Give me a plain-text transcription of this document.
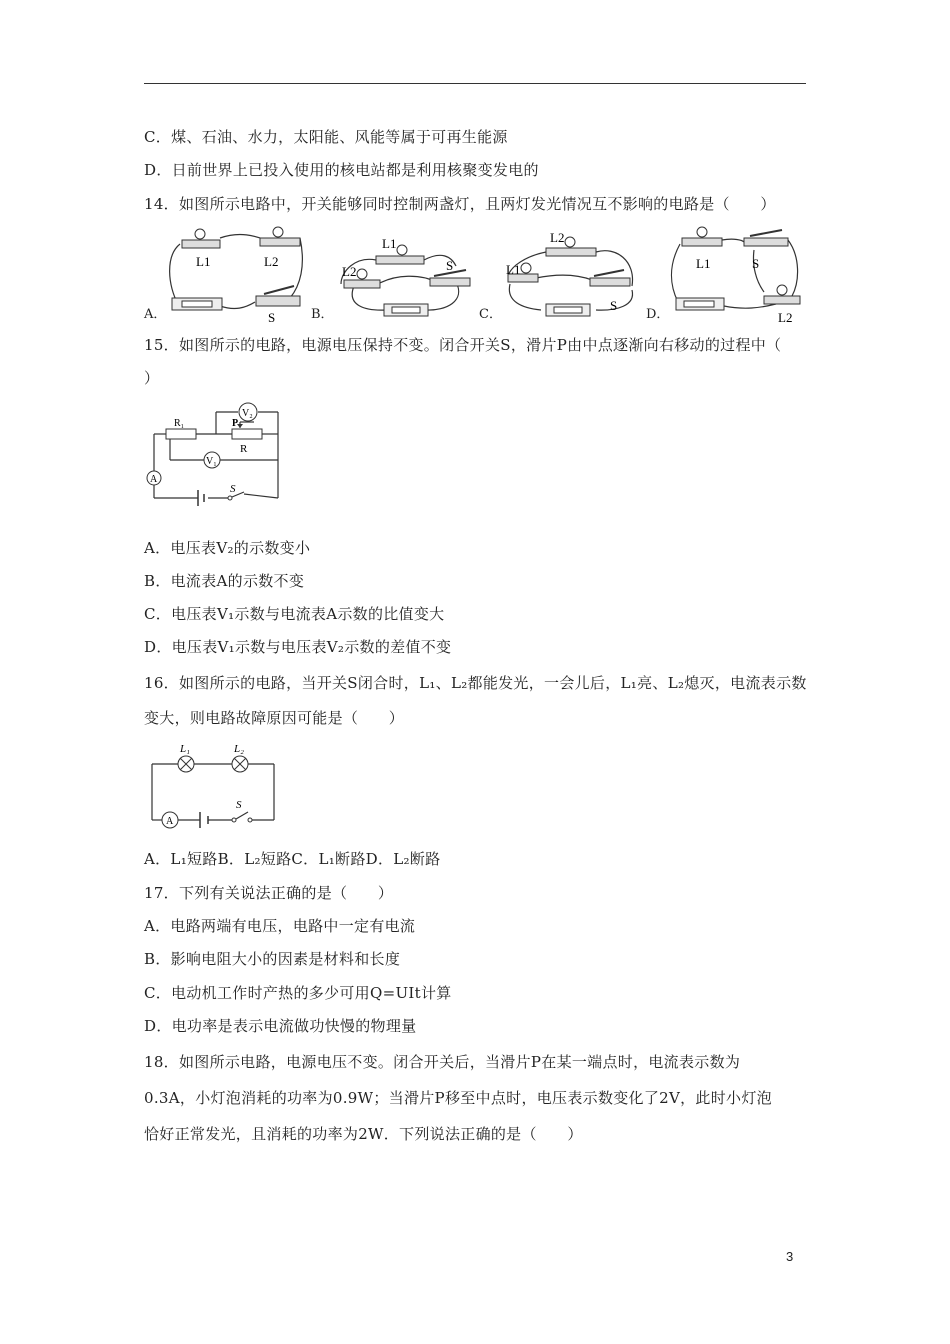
C．煤、石油、水力，太阳能、风能等属于可再生能源
D．日前世界上已投入使用的核电站都是利用核聚变发电的
14．如图所示电路中，开关能够同时控制两盏灯，且两灯发光情况互不影响的电路是（　　）
A．	B．	C．	D．
L1	L2
S
L1
L2	S
L2
L1
S
L1	S
L2
15．如图所示的电路，电源电压保持不变。闭合开关S，滑片P由中点逐渐向右移动的过程中（
）
R₁	P
R
V₂
V₁
A
S
A．电压表V₂的示数变小
B．电流表A的示数不变
C．电压表V₁示数与电流表A示数的比值变大
D．电压表V₁示数与电压表V₂示数的差值不变
16．如图所示的电路，当开关S闭合时，L₁、L₂都能发光，一会儿后，L₁亮、L₂熄灭，电流表示数
变大，则电路故障原因可能是（　　）
L₁	L₂
A
S
A．L₁短路B．L₂短路C．L₁断路D．L₂断路
17．下列有关说法正确的是（　　）
A．电路两端有电压，电路中一定有电流
B．影响电阻大小的因素是材料和长度
C．电动机工作时产热的多少可用Q=UIt计算
D．电功率是表示电流做功快慢的物理量
18．如图所示电路，电源电压不变。闭合开关后，当滑片P在某一端点时，电流表示数为
0.3A，小灯泡消耗的功率为0.9W；当滑片P移至中点时，电压表示数变化了2V，此时小灯泡
恰好正常发光，且消耗的功率为2W．下列说法正确的是（　　）
3
